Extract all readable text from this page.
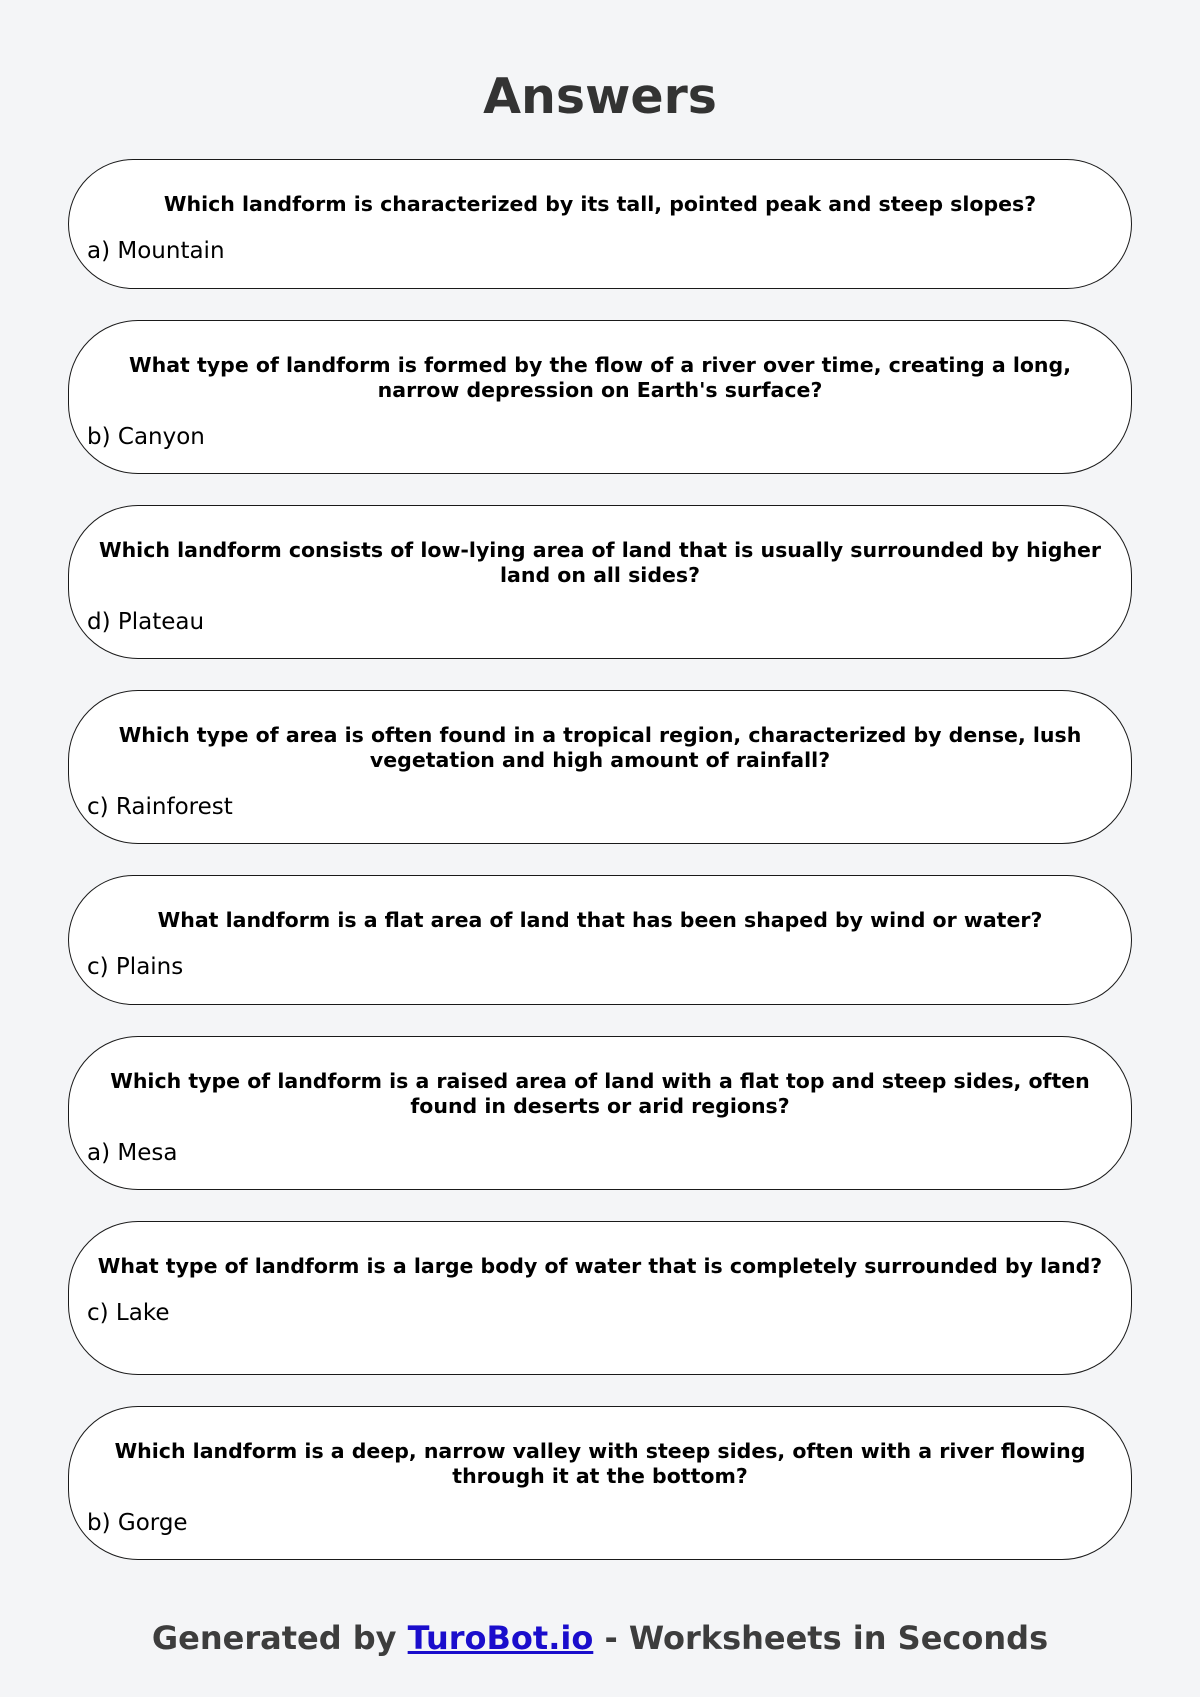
Answers
Which landform is characterized by its tall, pointed peak and steep slopes?
a) Mountain
What type of landform is formed by the flow of a river over time, creating a long, narrow depression on Earth's surface?
b) Canyon
Which landform consists of low-lying area of land that is usually surrounded by higher land on all sides?
d) Plateau
Which type of area is often found in a tropical region, characterized by dense, lush vegetation and high amount of rainfall?
c) Rainforest
What landform is a flat area of land that has been shaped by wind or water?
c) Plains
Which type of landform is a raised area of land with a flat top and steep sides, often found in deserts or arid regions?
a) Mesa
What type of landform is a large body of water that is completely surrounded by land?
c) Lake
Which landform is a deep, narrow valley with steep sides, often with a river flowing through it at the bottom?
b) Gorge
Generated by TuroBot.io - Worksheets in Seconds
